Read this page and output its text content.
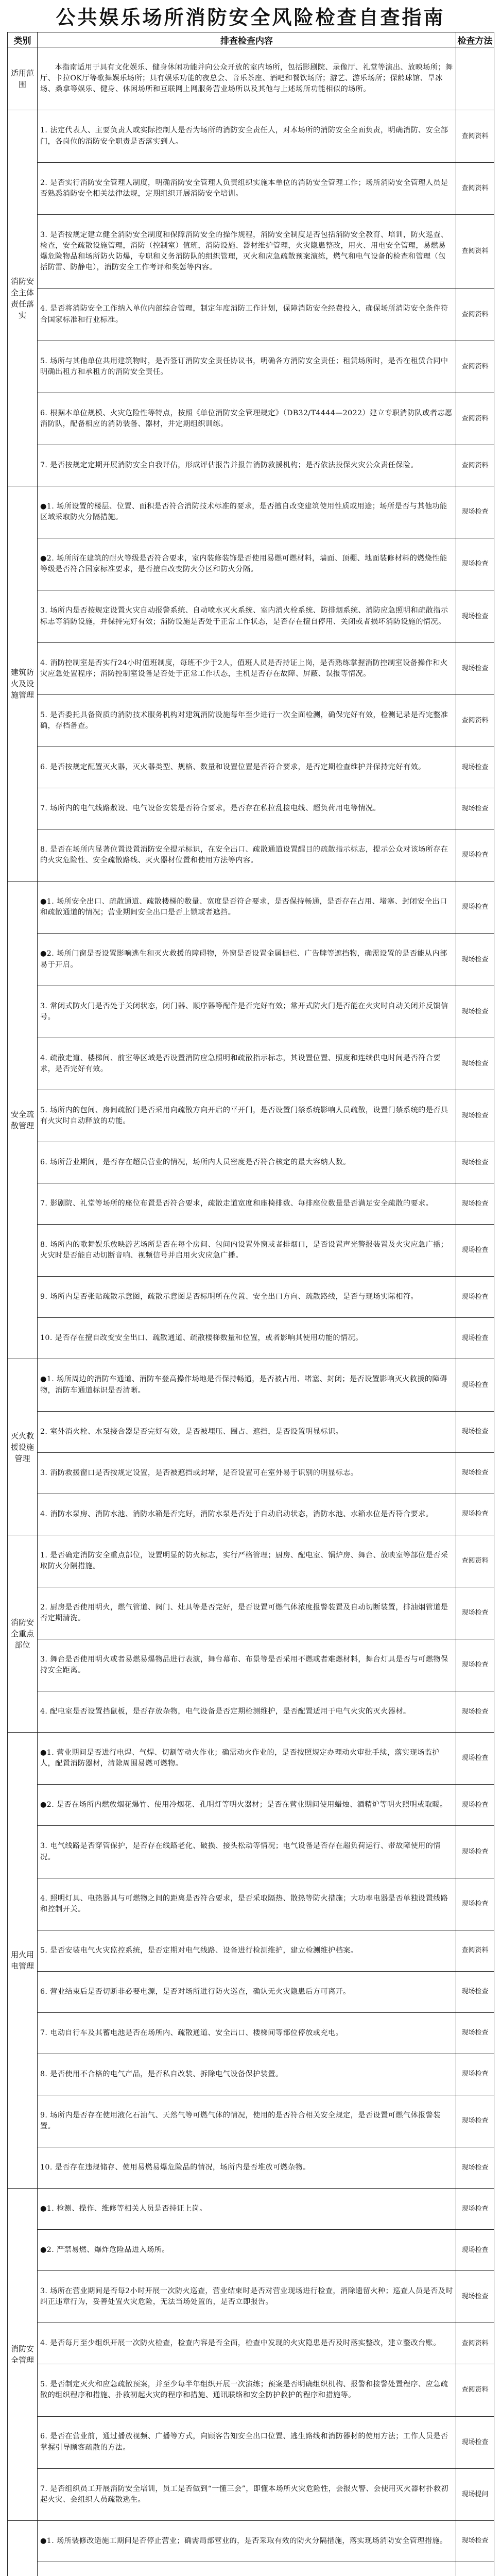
公共娱乐场所消防安全风险检查自查指南
类别	排查检查内容	检查方法
适用范围	本指南适用于具有文化娱乐、健身休闲功能并向公众开放的室内场所，包括影剧院、录像厅、礼堂等演出、放映场所；舞厅、卡拉OK厅等歌舞娱乐场所；具有娱乐功能的夜总会、音乐茶座、酒吧和餐饮场所；游艺、游乐场所；保龄球馆、旱冰场、桑拿等娱乐、健身、休闲场所和互联网上网服务营业场所以及其他与上述场所功能相似的场所。	
消防安全主体责任落实	1. 法定代表人、主要负责人或实际控制人是否为场所的消防安全责任人，对本场所的消防安全全面负责，明确消防、安全部门，各岗位的消防安全职责是否落实到人。	查阅资料
	2. 是否实行消防安全管理人制度，明确消防安全管理人负责组织实施本单位的消防安全管理工作；场所消防安全管理人员是否熟悉消防安全相关法律法规，定期组织开展消防安全培训。	查阅资料
	3. 是否按规定建立健全消防安全制度和保障消防安全的操作规程，消防安全制度是否包括消防安全教育、培训，防火巡查、检查，安全疏散设施管理，消防（控制室）值班，消防设施、器材维护管理，火灾隐患整改，用火、用电安全管理，易燃易爆危险物品和场所防火防爆，专职和义务消防队的组织管理，灭火和应急疏散预案演练，燃气和电气设备的检查和管理（包括防雷、防静电），消防安全工作考评和奖惩等内容。	查阅资料
	4. 是否将消防安全工作纳入单位内部综合管理，制定年度消防工作计划，保障消防安全经费投入，确保场所消防安全条件符合国家标准和行业标准。	查阅资料
	5. 场所与其他单位共用建筑物时，是否签订消防安全责任协议书，明确各方消防安全责任；租赁场所时，是否在租赁合同中明确出租方和承租方的消防安全责任。	查阅资料
	6. 根据本单位规模、火灾危险性等特点，按照《单位消防安全管理规定》（DB32/T4444—2022）建立专职消防队或者志愿消防队，配备相应的消防装备、器材，并定期组织训练。	查阅资料
	7. 是否按规定定期开展消防安全自我评估，形成评估报告并报告消防救援机构；是否依法投保火灾公众责任保险。	查阅资料
建筑防火及设施管理	●1. 场所设置的楼层、位置、面积是否符合消防技术标准的要求，是否擅自改变建筑使用性质或用途；场所是否与其他功能区域采取防火分隔措施。	现场检查
	●2. 场所所在建筑的耐火等级是否符合要求，室内装修装饰是否使用易燃可燃材料，墙面、顶棚、地面装修材料的燃烧性能等级是否符合国家标准要求，是否擅自改变防火分区和防火分隔。	现场检查
	3. 场所内是否按规定设置火灾自动报警系统、自动喷水灭火系统、室内消火栓系统、防排烟系统、消防应急照明和疏散指示标志等消防设施，并保持完好有效；消防设施是否处于正常工作状态，是否存在擅自停用、关闭或者损坏消防设施的情况。	现场检查
	4. 消防控制室是否实行24小时值班制度，每班不少于2人，值班人员是否持证上岗，是否熟练掌握消防控制室设备操作和火灾应急处置程序；消防控制室设备是否处于正常工作状态，主机是否存在故障、屏蔽、误报等情况。	现场检查
	5. 是否委托具备资质的消防技术服务机构对建筑消防设施每年至少进行一次全面检测，确保完好有效，检测记录是否完整准确，存档备查。	查阅资料
	6. 是否按规定配置灭火器，灭火器类型、规格、数量和设置位置是否符合要求，是否定期检查维护并保持完好有效。	现场检查
	7. 场所内的电气线路敷设、电气设备安装是否符合要求，是否存在私拉乱接电线、超负荷用电等情况。	现场检查
	8. 是否在场所内显著位置设置消防安全提示标识，在安全出口、疏散通道设置醒目的疏散指示标志，提示公众对该场所存在的火灾危险性、安全疏散路线、灭火器材位置和使用方法等内容。	现场检查
安全疏散管理	●1. 场所安全出口、疏散通道、疏散楼梯的数量、宽度是否符合要求，是否保持畅通，是否存在占用、堵塞、封闭安全出口和疏散通道的情况；营业期间安全出口是否上锁或者遮挡。	现场检查
	●2. 场所门窗是否设置影响逃生和灭火救援的障碍物，外窗是否设置金属栅栏、广告牌等遮挡物，确需设置的是否能从内部易于开启。	现场检查
	3. 常闭式防火门是否处于关闭状态，闭门器、顺序器等配件是否完好有效；常开式防火门是否能在火灾时自动关闭并反馈信号。	现场检查
	4. 疏散走道、楼梯间、前室等区域是否设置消防应急照明和疏散指示标志，其设置位置、照度和连续供电时间是否符合要求，是否完好有效。	现场检查
	5. 场所内的包间、房间疏散门是否采用向疏散方向开启的平开门，是否设置门禁系统影响人员疏散，设置门禁系统的是否具有火灾时自动释放的功能。	现场检查
	6. 场所营业期间，是否存在超员营业的情况，场所内人员密度是否符合核定的最大容纳人数。	现场检查
	7. 影剧院、礼堂等场所的座位布置是否符合要求，疏散走道宽度和座椅排数、每排座位数量是否满足安全疏散的要求。	现场检查
	8. 场所内的歌舞娱乐放映游艺场所是否在每个房间、包间内设置外窗或者排烟口，是否设置声光警报装置及火灾应急广播；火灾时是否能自动切断音响、视频信号并启用火灾应急广播。	现场检查
	9. 场所内是否张贴疏散示意图，疏散示意图是否标明所在位置、安全出口方向、疏散路线，是否与现场实际相符。	现场检查
	10. 是否存在擅自改变安全出口、疏散通道、疏散楼梯数量和位置，或者影响其使用功能的情况。	现场检查
灭火救援设施管理	●1. 场所周边的消防车通道、消防车登高操作场地是否保持畅通，是否被占用、堵塞、封闭；是否设置影响灭火救援的障碍物，消防车通道标识是否清晰。	现场检查
	2. 室外消火栓、水泵接合器是否完好有效，是否被埋压、圈占、遮挡，是否设置明显标识。	现场检查
	3. 消防救援窗口是否按规定设置，是否被遮挡或封堵，是否设置可在室外易于识别的明显标志。	现场检查
	4. 消防水泵房、消防水池、消防水箱是否完好，消防水泵是否处于自动启动状态，消防水池、水箱水位是否符合要求。	现场检查
消防安全重点部位	1. 是否确定消防安全重点部位，设置明显的防火标志，实行严格管理；厨房、配电室、锅炉房、舞台、放映室等部位是否采取防火分隔措施。	查阅资料
	2. 厨房是否使用明火，燃气管道、阀门、灶具等是否完好，是否设置可燃气体浓度报警装置及自动切断装置，排油烟管道是否定期清洗。	现场检查
	3. 舞台是否使用明火或者易燃易爆物品进行表演，舞台幕布、布景等是否采用不燃或者难燃材料，舞台灯具是否与可燃物保持安全距离。	现场检查
	4. 配电室是否设置挡鼠板，是否存放杂物，电气设备是否定期检测维护，是否配置适用于电气火灾的灭火器材。	现场检查
用火用电管理	●1. 营业期间是否进行电焊、气焊、切割等动火作业；确需动火作业的，是否按照规定办理动火审批手续，落实现场监护人，配置消防器材，清除周围易燃可燃物。	现场检查
	●2. 是否在场所内燃放烟花爆竹、使用冷烟花、孔明灯等明火器材；是否在营业期间使用蜡烛、酒精炉等明火照明或取暖。	现场检查
	3. 电气线路是否穿管保护，是否存在线路老化、破损、接头松动等情况；电气设备是否存在超负荷运行、带故障使用的情况。	现场检查
	4. 照明灯具、电热器具与可燃物之间的距离是否符合要求，是否采取隔热、散热等防火措施；大功率电器是否单独设置线路和控制开关。	现场检查
	5. 是否安装电气火灾监控系统，是否定期对电气线路、设备进行检测维护，建立检测维护档案。	查阅资料
	6. 营业结束后是否切断非必要电源，是否对场所进行防火巡查，确认无火灾隐患后方可离开。	现场检查
	7. 电动自行车及其蓄电池是否在场所内、疏散通道、安全出口、楼梯间等部位停放或充电。	现场检查
	8. 是否使用不合格的电气产品，是否私自改装、拆除电气设备保护装置。	现场检查
	9. 场所内是否存在使用液化石油气、天然气等可燃气体的情况，使用的是否符合相关安全规定，是否设置可燃气体报警装置。	现场检查
	10. 是否存在违规储存、使用易燃易爆危险品的情况，场所内是否堆放可燃杂物。	现场检查
消防安全管理	●1. 检测、操作、维修等相关人员是否持证上岗。	现场检查
	●2. 严禁易燃、爆炸危险品进入场所。	现场检查
	3. 场所在营业期间是否每2小时开展一次防火巡查，营业结束时是否对营业现场进行检查，消除遗留火种；巡查人员是否及时纠正违章行为，妥善处置火灾危险，无法当场处置的，是否立即报告。	现场检查
	4. 是否每月至少组织开展一次防火检查，检查内容是否全面，检查中发现的火灾隐患是否及时落实整改，建立整改台账。	查阅资料
	5. 是否制定灭火和应急疏散预案，并至少每半年组织开展一次演练；预案是否明确组织机构、报警和接警处置程序、应急疏散的组织程序和措施、扑救初起火灾的程序和措施、通讯联络和安全防护救护的程序和措施等。	查阅资料
	6. 是否在营业前，通过播放视频、广播等方式，向顾客告知安全出口位置、逃生路线和消防器材的使用方法；工作人员是否掌握引导顾客疏散的方法。	现场检查
	7. 是否组织员工开展消防安全培训，员工是否做到“一懂三会”，即懂本场所火灾危险性，会报火警、会使用灭火器材扑救初起火灾、会组织人员疏散逃生。	现场提问
	●1. 场所装修改造施工期间是否停止营业；确需局部营业的，是否采取有效的防火分隔措施，落实现场消防安全管理措施。	现场检查
